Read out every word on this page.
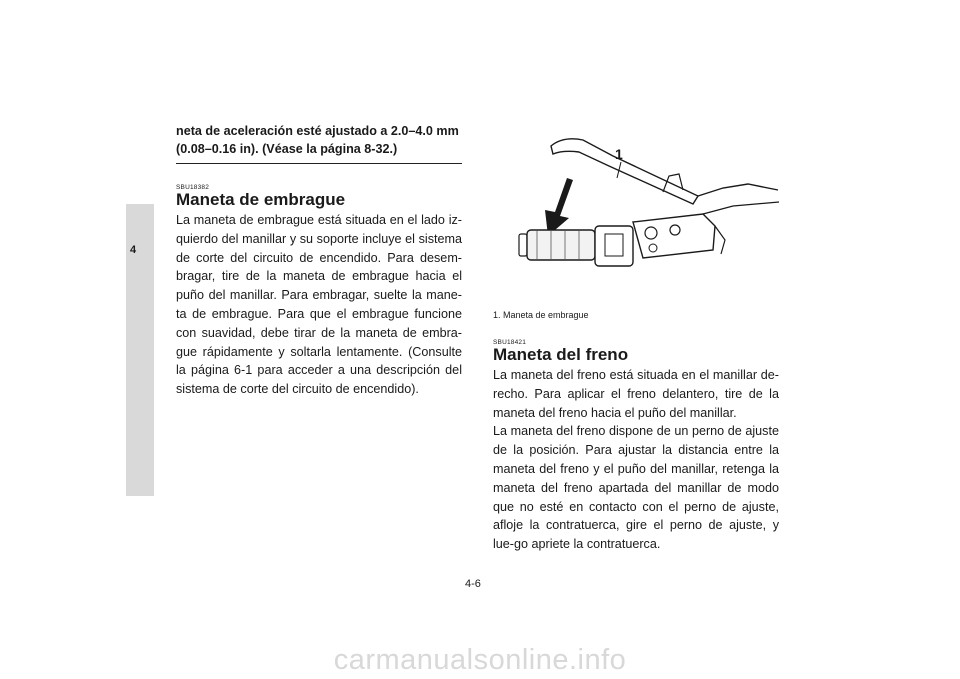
4

neta de aceleración esté ajustado a 2.0–4.0 mm (0.08–0.16 in). (Véase la página 8-32.)

SBU18382
Maneta de embrague

La maneta de embrague está situada en el lado iz-quierdo del manillar y su soporte incluye el sistema de corte del circuito de encendido. Para desem-bragar, tire de la maneta de embrague hacia el puño del manillar. Para embragar, suelte la mane-ta de embrague. Para que el embrague funcione con suavidad, debe tirar de la maneta de embra-gue rápidamente y soltarla lentamente. (Consulte la página 6-1 para acceder a una descripción del sistema de corte del circuito de encendido).

1
1. Maneta de embrague
SBU18421
Maneta del freno

La maneta del freno está situada en el manillar de-recho. Para aplicar el freno delantero, tire de la maneta del freno hacia el puño del manillar.

La maneta del freno dispone de un perno de ajuste de la posición. Para ajustar la distancia entre la maneta del freno y el puño del manillar, retenga la maneta del freno apartada del manillar de modo que no esté en contacto con el perno de ajuste, afloje la contratuerca, gire el perno de ajuste, y lue-go apriete la contratuerca.

4-6
carmanualsonline.info
